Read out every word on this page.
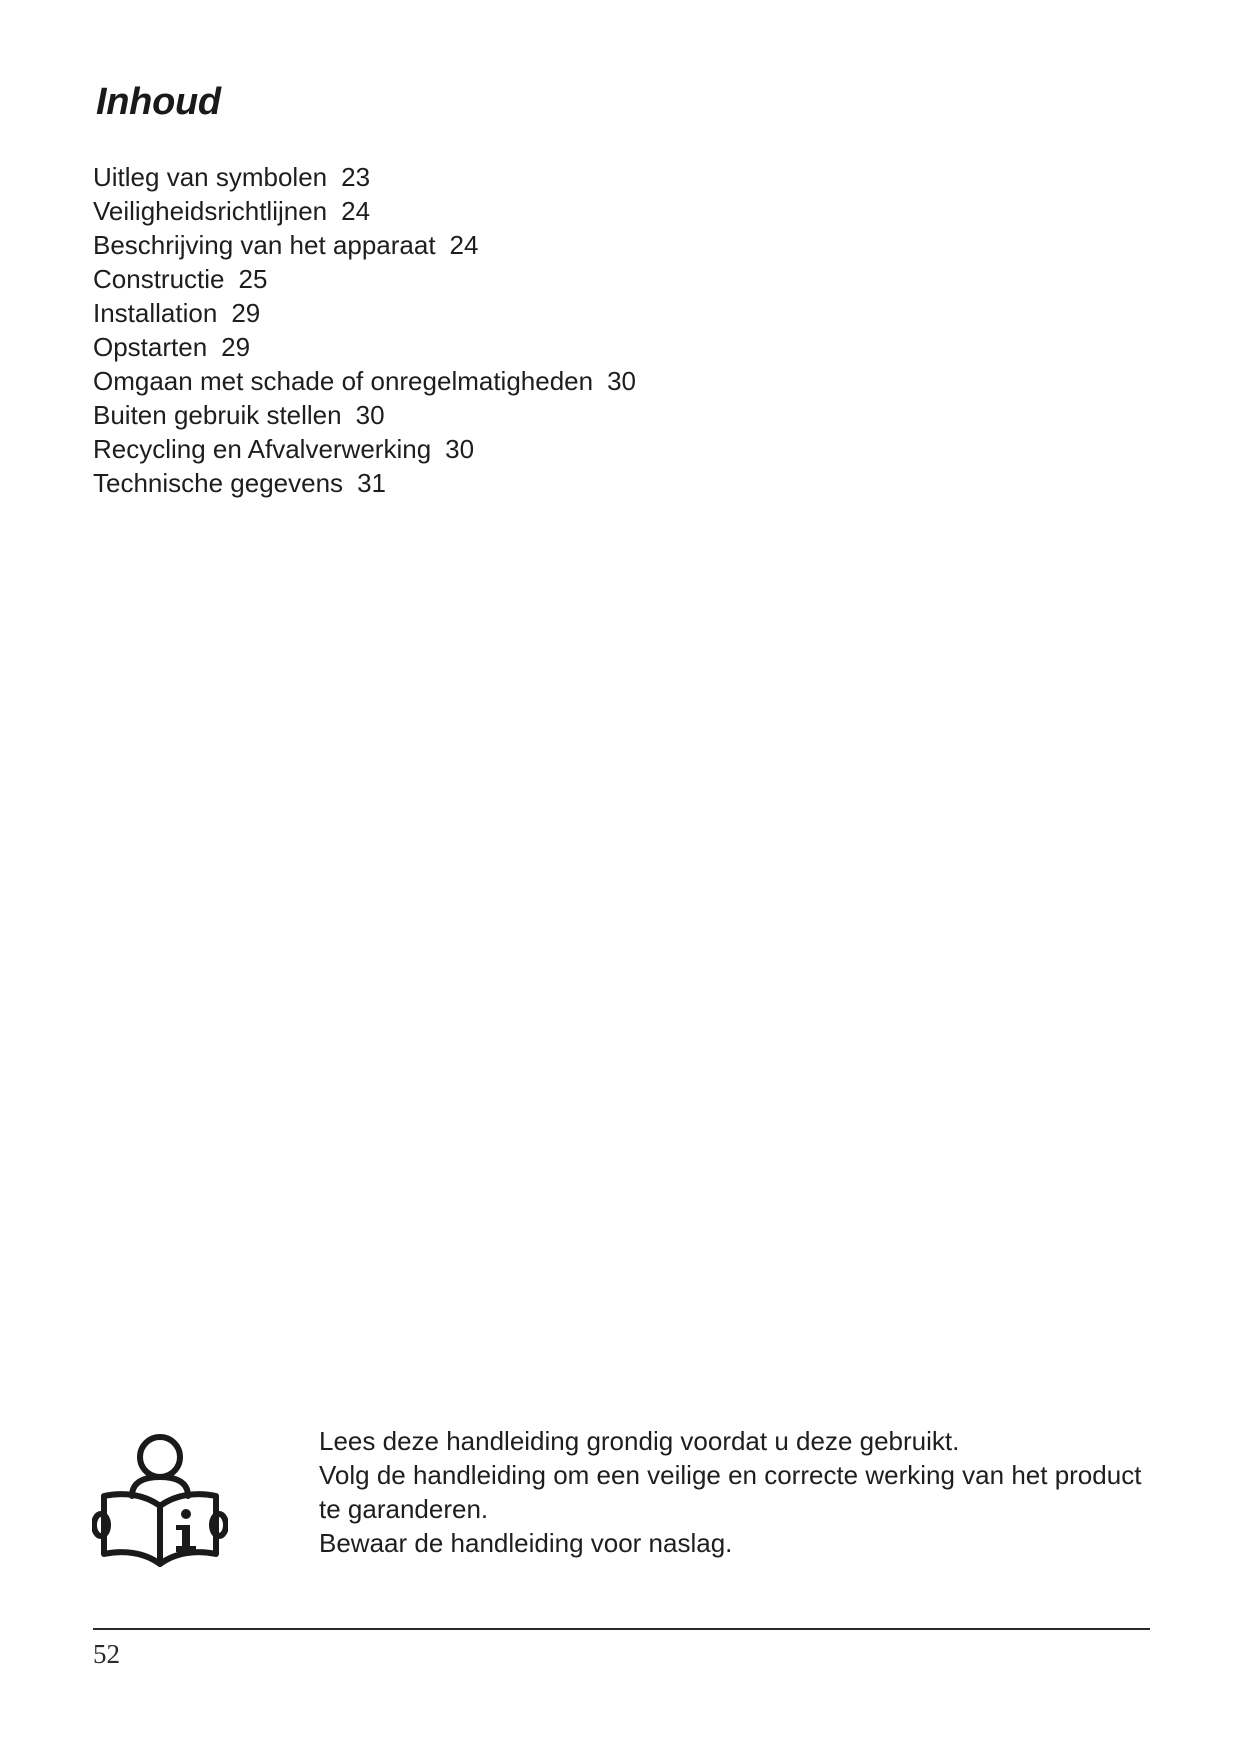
Inhoud
Uitleg van symbolen 23
Veiligheidsrichtlijnen 24
Beschrijving van het apparaat 24
Constructie 25
Installation 29
Opstarten 29
Omgaan met schade of onregelmatigheden 30
Buiten gebruik stellen 30
Recycling en Afvalverwerking 30
Technische gegevens 31

Lees deze handleiding grondig voordat u deze gebruikt.

Volg de handleiding om een veilige en correcte werking van het product te garanderen.

Bewaar de handleiding voor naslag.

52
